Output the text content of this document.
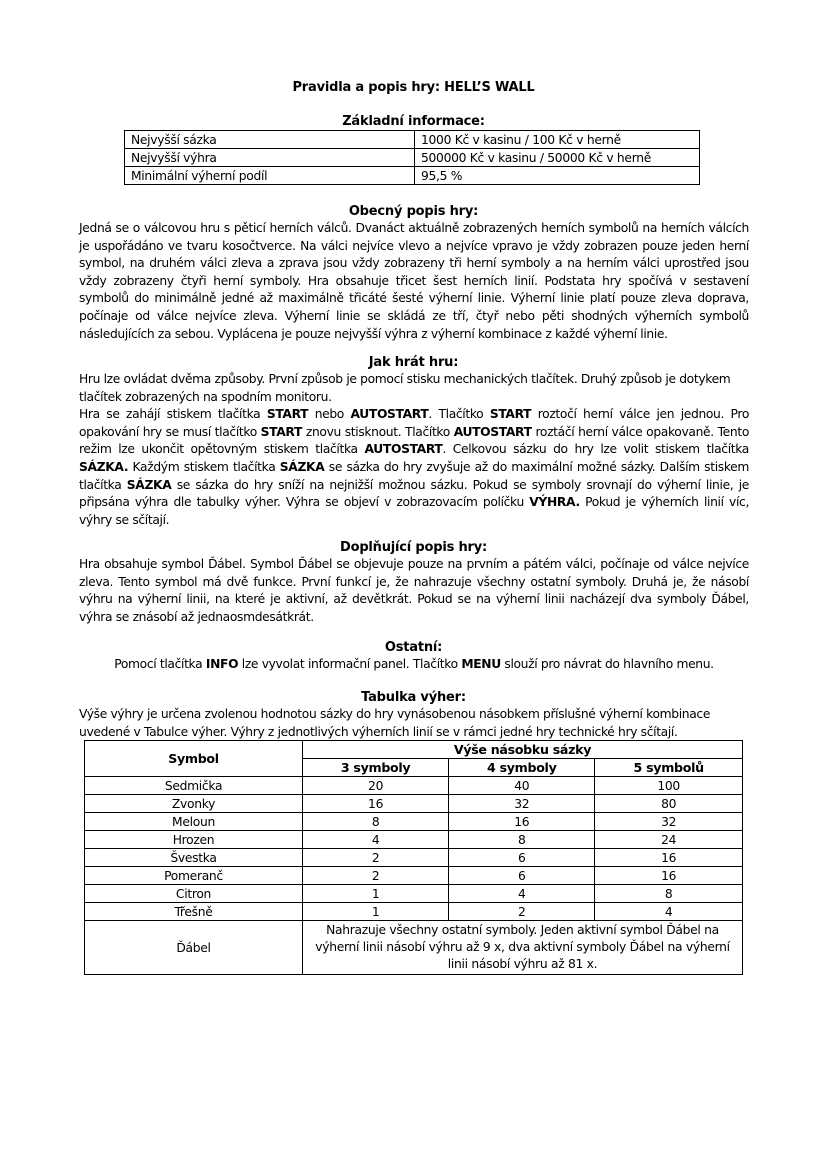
Pravidla a popis hry: HELL’S WALL
Základní informace:
Nejvyšší sázka	1000 Kč v kasinu / 100 Kč v herně
Nejvyšší výhra	500000 Kč v kasinu / 50000 Kč v herně
Minimální výherní podíl	95,5 %
Obecný popis hry:

Jedná se o válcovou hru s pěticí herních válců. Dvanáct aktuálně zobrazených herních symbolů na herních válcích je uspořádáno ve tvaru kosočtverce. Na válci nejvíce vlevo a nejvíce vpravo je vždy zobrazen pouze jeden herní symbol, na druhém válci zleva a zprava jsou vždy zobrazeny tři herní symboly a na herním válci uprostřed jsou vždy zobrazeny čtyři herní symboly. Hra obsahuje třicet šest herních linií. Podstata hry spočívá v sestavení symbolů do minimálně jedné až maximálně třicáté šesté výherní linie. Výherní linie platí pouze zleva doprava, počínaje od válce nejvíce zleva. Výherní linie se skládá ze tří, čtyř nebo pěti shodných výherních symbolů následujících za sebou. Vyplácena je pouze nejvyšší výhra z výherní kombinace z každé výherní linie.

Jak hrát hru:

Hru lze ovládat dvěma způsoby. První způsob je pomocí stisku mechanických tlačítek. Druhý způsob je dotykem tlačítek zobrazených na spodním monitoru.

Hra se zahájí stiskem tlačítka START nebo AUTOSTART. Tlačítko START roztočí herní válce jen jednou. Pro opakování hry se musí tlačítko START znovu stisknout. Tlačítko AUTOSTART roztáčí herní válce opakovaně. Tento režim lze ukončit opětovným stiskem tlačítka AUTOSTART. Celkovou sázku do hry lze volit stiskem tlačítka SÁZKA. Každým stiskem tlačítka SÁZKA se sázka do hry zvyšuje až do maximální možné sázky. Dalším stiskem tlačítka SÁZKA se sázka do hry sníží na nejnižší možnou sázku. Pokud se symboly srovnají do výherní linie, je připsána výhra dle tabulky výher. Výhra se objeví v zobrazovacím políčku VÝHRA. Pokud je výherních linií víc, výhry se sčítají.

Doplňující popis hry:

Hra obsahuje symbol Ďábel. Symbol Ďábel se objevuje pouze na prvním a pátém válci, počínaje od válce nejvíce zleva. Tento symbol má dvě funkce. První funkcí je, že nahrazuje všechny ostatní symboly. Druhá je, že násobí výhru na výherní linii, na které je aktivní, až devětkrát. Pokud se na výherní linii nacházejí dva symboly Ďábel, výhra se znásobí až jednaosmdesátkrát.

Ostatní:

Pomocí tlačítka INFO lze vyvolat informační panel. Tlačítko MENU slouží pro návrat do hlavního menu.

Tabulka výher:

Výše výhry je určena zvolenou hodnotou sázky do hry vynásobenou násobkem příslušné výherní kombinace uvedené v Tabulce výher. Výhry z jednotlivých výherních linií se v rámci jedné hry technické hry sčítají.

Symbol	Výše násobku sázky		
	3 symboly	4 symboly	5 symbolů
Sedmička	20	40	100
Zvonky	16	32	80
Meloun	8	16	32
Hrozen	4	8	24
Švestka	2	6	16
Pomeranč	2	6	16
Citron	1	4	8
Třešně	1	2	4
Ďábel	Nahrazuje všechny ostatní symboly. Jeden aktivní symbol Ďábel na výherní linii násobí výhru až 9 x, dva aktivní symboly Ďábel na výherní linii násobí výhru až 81 x.		
